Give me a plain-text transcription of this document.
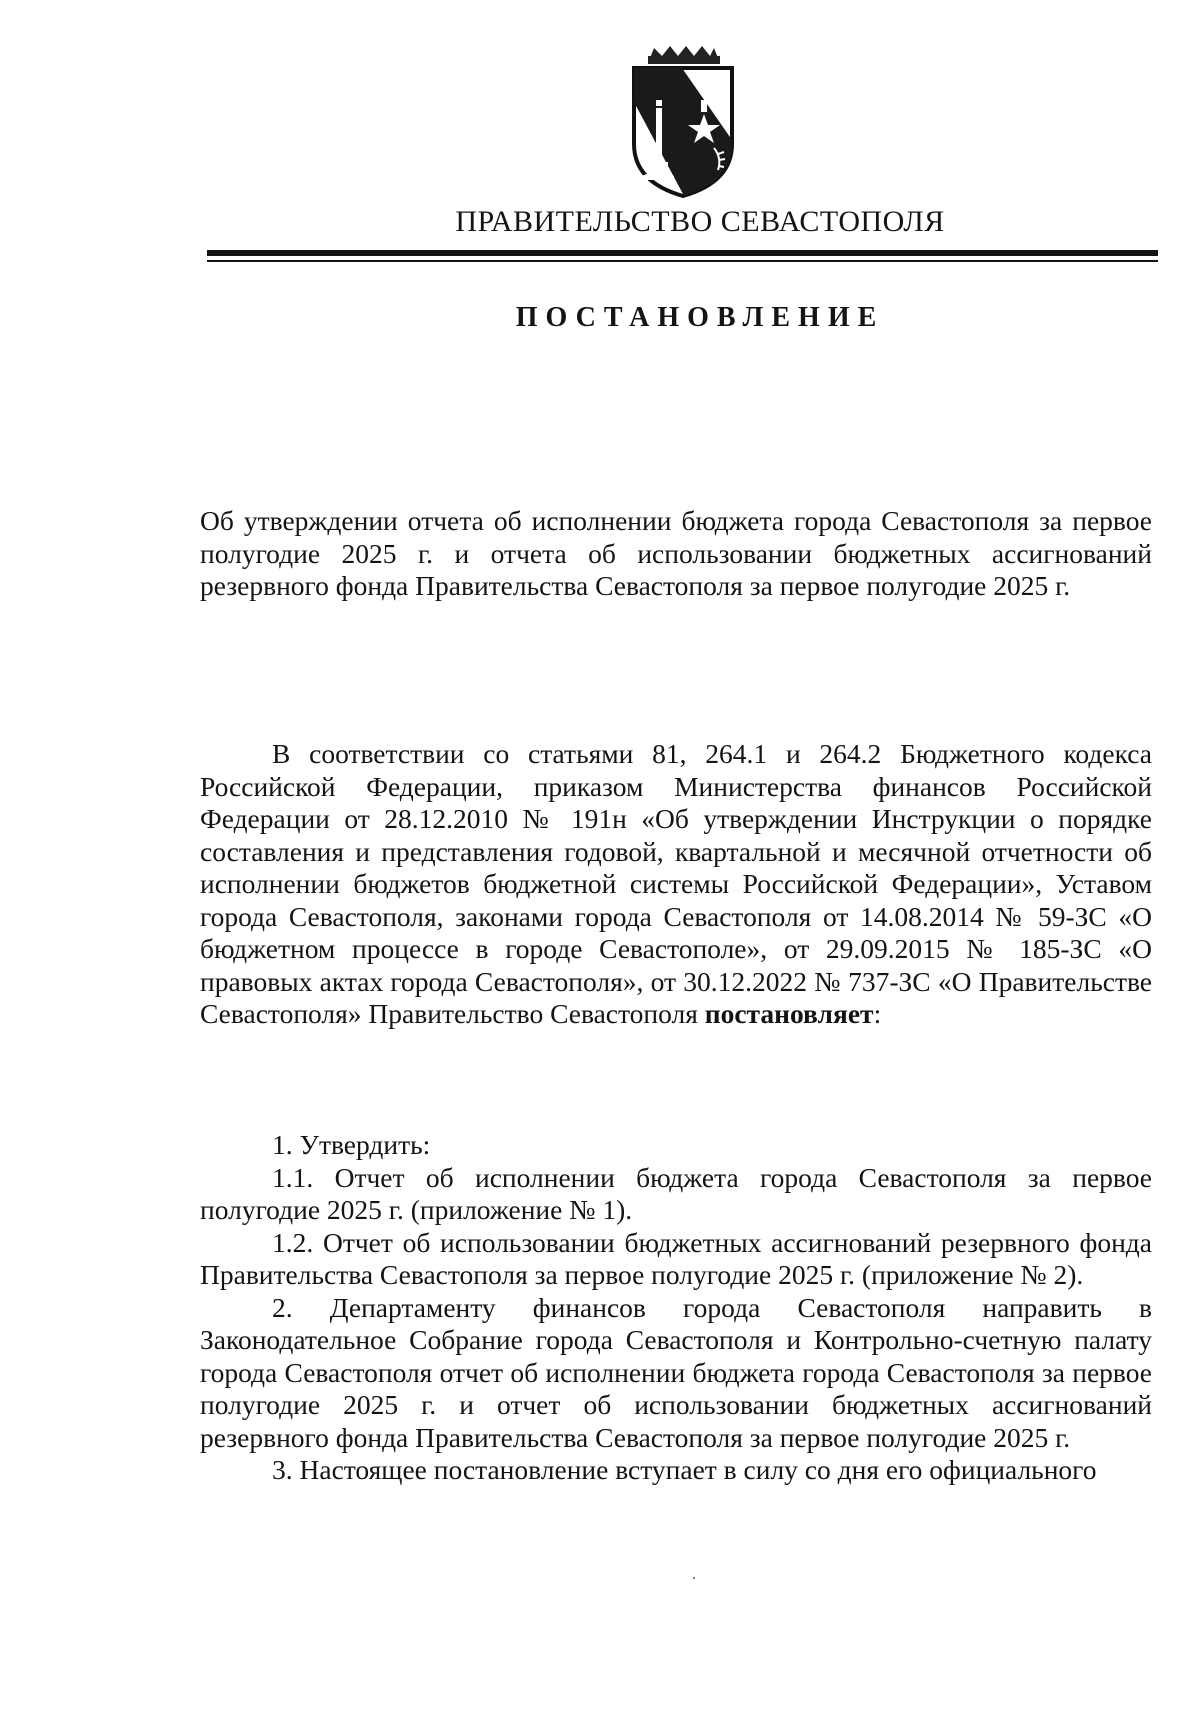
ПРАВИТЕЛЬСТВО СЕВАСТОПОЛЯ
ПОСТАНОВЛЕНИЕ
Об утверждении отчета об исполнении бюджета города Севастополя за первое полугодие 2025 г. и отчета об использовании бюджетных ассигнований резервного фонда Правительства Севастополя за первое полугодие 2025 г.
В соответствии со статьями 81, 264.1 и 264.2 Бюджетного кодекса Российской Федерации, приказом Министерства финансов Российской Федерации от 28.12.2010 № 191н «Об утверждении Инструкции о порядке составления и представления годовой, квартальной и месячной отчетности об исполнении бюджетов бюджетной системы Российской Федерации», Уставом города Севастополя, законами города Севастополя от 14.08.2014 № 59-ЗС «О бюджетном процессе в городе Севастополе», от 29.09.2015 № 185-ЗС «О правовых актах города Севастополя», от 30.12.2022 № 737-ЗС «О Правительстве Севастополя» Правительство Севастополя постановляет:

1. Утвердить:

1.1. Отчет об исполнении бюджета города Севастополя за первое полугодие 2025 г. (приложение № 1).

1.2. Отчет об использовании бюджетных ассигнований резервного фонда Правительства Севастополя за первое полугодие 2025 г. (приложение № 2).

2. Департаменту финансов города Севастополя направить в Законодательное Собрание города Севастополя и Контрольно-счетную палату города Севастополя отчет об исполнении бюджета города Севастополя за первое полугодие 2025 г. и отчет об использовании бюджетных ассигнований резервного фонда Правительства Севастополя за первое полугодие 2025 г.

3. Настоящее постановление вступает в силу со дня его официального
